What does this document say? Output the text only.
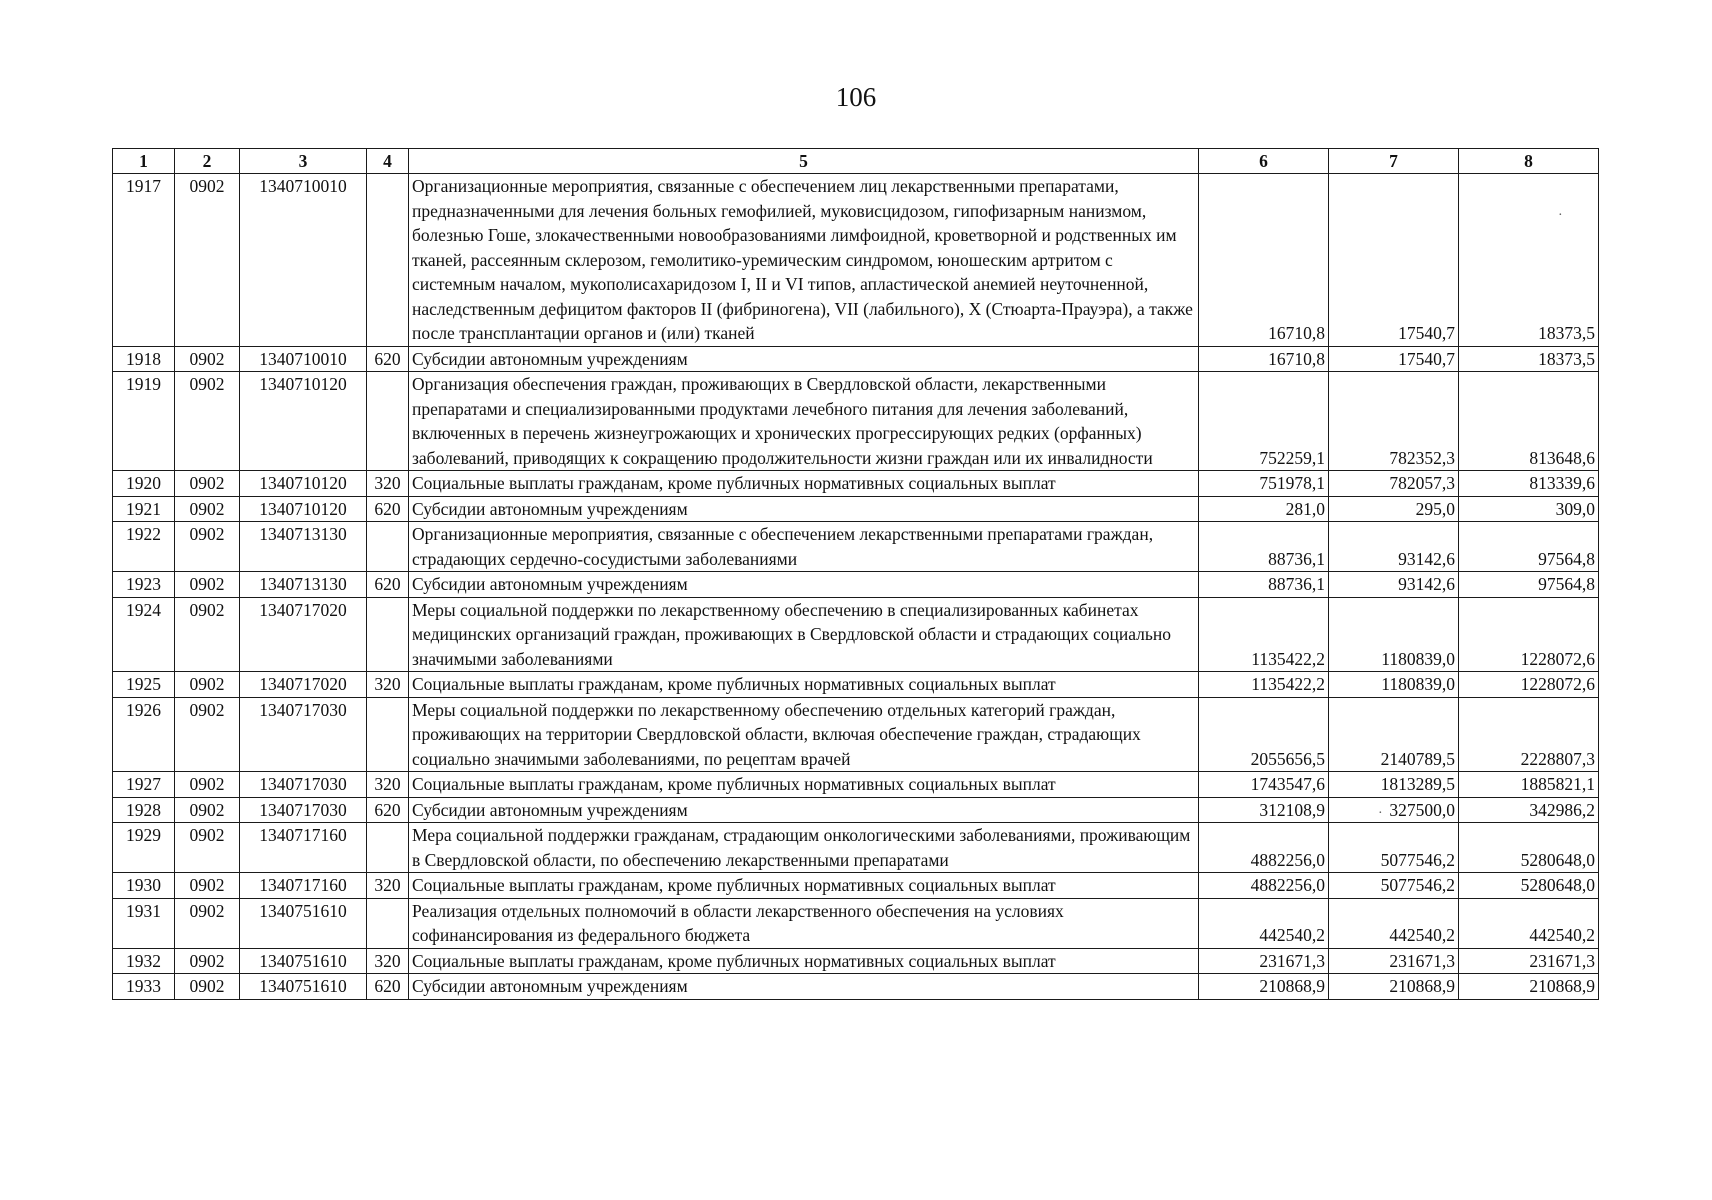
106
1	2	3	4	5	6	7	8
1917	0902	1340710010		Организационные мероприятия, связанные с обеспечением лиц лекарственными препаратами, предназначенными для лечения больных гемофилией, муковисцидозом, гипофизарным нанизмом, болезнью Гоше, злокачественными новообразованиями лимфоидной, кроветворной и родственных им тканей, рассеянным склерозом, гемолитико-уремическим синдромом, юношеским артритом с системным началом, мукополисахаридозом I, II и VI типов, апластической анемией неуточненной, наследственным дефицитом факторов II (фибриногена), VII (лабильного), X (Стюарта-Прауэра), а также после трансплантации органов и (или) тканей	16710,8	17540,7	18373,5
1918	0902	1340710010	620	Субсидии автономным учреждениям	16710,8	17540,7	18373,5
1919	0902	1340710120		Организация обеспечения граждан, проживающих в Свердловской области, лекарственными препаратами и специализированными продуктами лечебного питания для лечения заболеваний, включенных в перечень жизнеугрожающих и хронических прогрессирующих редких (орфанных) заболеваний, приводящих к сокращению продолжительности жизни граждан или их инвалидности	752259,1	782352,3	813648,6
1920	0902	1340710120	320	Социальные выплаты гражданам, кроме публичных нормативных социальных выплат	751978,1	782057,3	813339,6
1921	0902	1340710120	620	Субсидии автономным учреждениям	281,0	295,0	309,0
1922	0902	1340713130		Организационные мероприятия, связанные с обеспечением лекарственными препаратами граждан, страдающих сердечно-сосудистыми заболеваниями	88736,1	93142,6	97564,8
1923	0902	1340713130	620	Субсидии автономным учреждениям	88736,1	93142,6	97564,8
1924	0902	1340717020		Меры социальной поддержки по лекарственному обеспечению в специализированных кабинетах медицинских организаций граждан, проживающих в Свердловской области и страдающих социально значимыми заболеваниями	1135422,2	1180839,0	1228072,6
1925	0902	1340717020	320	Социальные выплаты гражданам, кроме публичных нормативных социальных выплат	1135422,2	1180839,0	1228072,6
1926	0902	1340717030		Меры социальной поддержки по лекарственному обеспечению отдельных категорий граждан, проживающих на территории Свердловской области, включая обеспечение граждан, страдающих социально значимыми заболеваниями, по рецептам врачей	2055656,5	2140789,5	2228807,3
1927	0902	1340717030	320	Социальные выплаты гражданам, кроме публичных нормативных социальных выплат	1743547,6	1813289,5	1885821,1
1928	0902	1340717030	620	Субсидии автономным учреждениям	312108,9	327500,0	342986,2
1929	0902	1340717160		Мера социальной поддержки гражданам, страдающим онкологическими заболеваниями, проживающим в Свердловской области, по обеспечению лекарственными препаратами	4882256,0	5077546,2	5280648,0
1930	0902	1340717160	320	Социальные выплаты гражданам, кроме публичных нормативных социальных выплат	4882256,0	5077546,2	5280648,0
1931	0902	1340751610		Реализация отдельных полномочий в области лекарственного обеспечения на условиях софинансирования из федерального бюджета	442540,2	442540,2	442540,2
1932	0902	1340751610	320	Социальные выплаты гражданам, кроме публичных нормативных социальных выплат	231671,3	231671,3	231671,3
1933	0902	1340751610	620	Субсидии автономным учреждениям	210868,9	210868,9	210868,9
·
·
